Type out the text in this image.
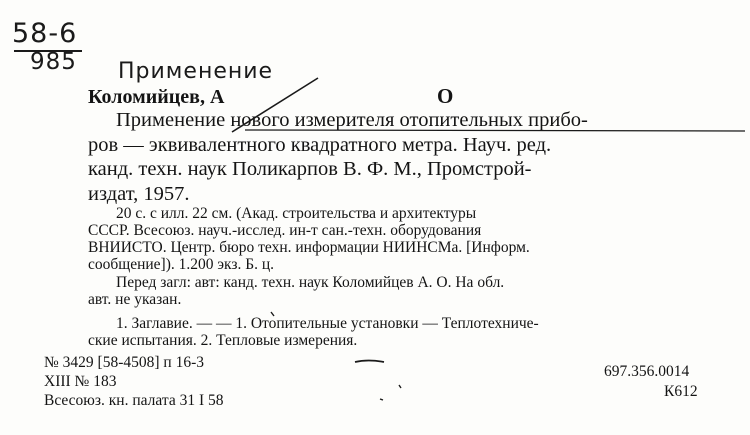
58-6
985 Применение
Коломийцев, А	О
Применение нового измерителя отопительных прибо-
ров — эквивалентного квадратного метра. Науч. ред.
канд. техн. наук Поликарпов В. Ф. М., Промстрой-
издат, 1957.
20 с. с илл. 22 см. (Акад. строительства и архитектуры
СССР. Всесоюз. науч.-исслед. ин-т сан.-техн. оборудования
ВНИИСТО. Центр. бюро техн. информации НИИНСМа. [Информ.
сообщение]). 1.200 экз. Б. ц.
Перед загл: авт: канд. техн. наук Коломийцев А. О. На обл.
авт. не указан.
1. Заглавие. — — 1. Отопительные установки — Теплотехниче-
ские испытания. 2. Тепловые измерения.
№ 3429 [58-4508] п 16-3
XIII № 183
Всесоюз. кн. палата 31 I 58
697.356.0014
К612
